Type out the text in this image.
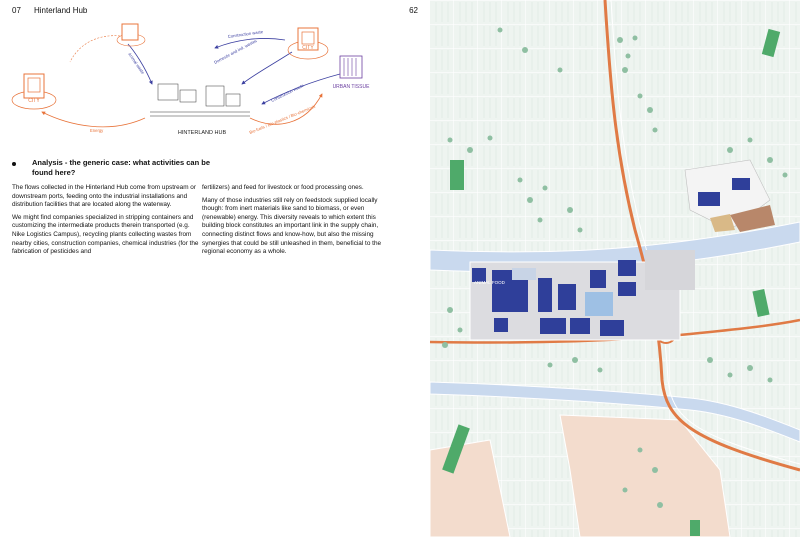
07 Hinterland Hub	62
CITY
CITY
URBAN TISSUE
HINTERLAND HUB
Animal waste
Construction waste
Domestic and ind. wastes
Construction waste
Energy	Bio-fuels / Bio-plastics / Bio-chemicals
Analysis - the generic case: what activities can be found here?

The flows collected in the Hinterland Hub come from upstream or downstream ports, feeding onto the industrial installations and distribution facilities that are located along the waterway.

We might find companies specialized in stripping containers and customizing the intermediate products therein transported (e.g. Nike Logistics Campus), recycling plants collecting wastes from nearby cities, construction companies, chemical industries (for the fabrication of pesticides and

fertilizers) and feed for livestock or food processing ones.

Many of those industries still rely on feedstock supplied locally though: from inert materials like sand to biomass, or even (renewable) energy. This diversity reveals to which extent this building block constitutes an important link in the supply chain, connecting distinct flows and know-how, but also the missing synergies that could be still unleashed in them, beneficial to the regional economy as a whole.

ANIMAL FOOD
